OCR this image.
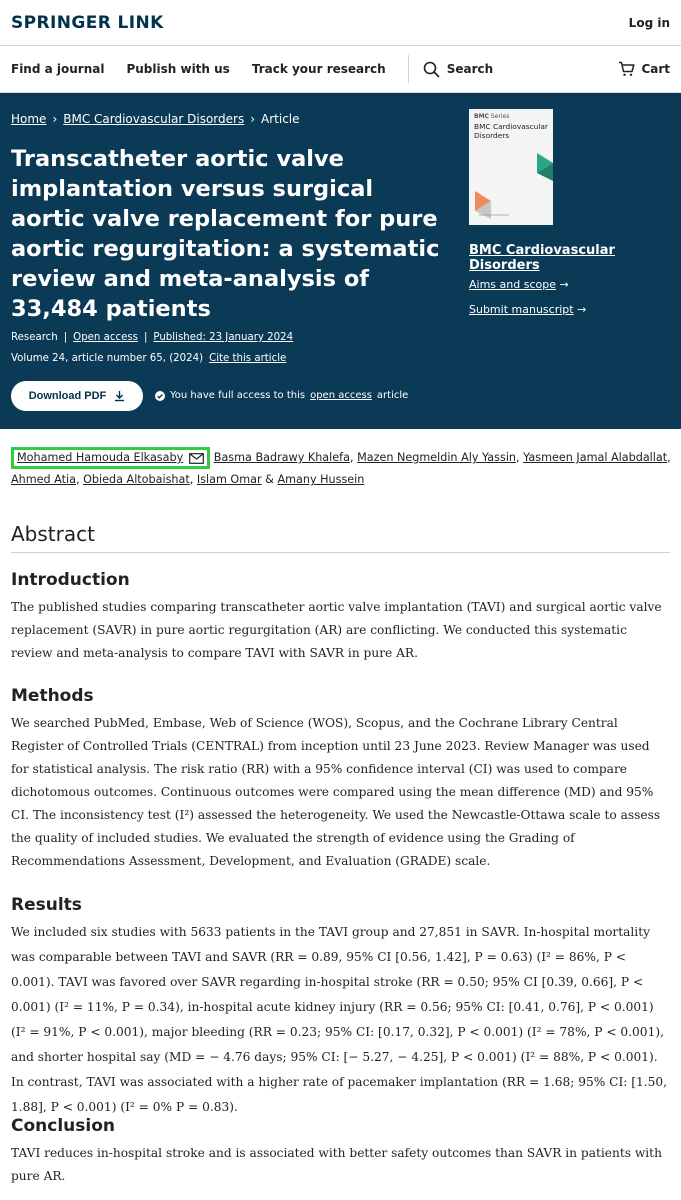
SPRINGER LINK	Log in
Find a journal Publish with us Track your research	Search	Cart
Home › BMC Cardiovascular Disorders › Article
Transcatheter aortic valve implantation versus surgical aortic valve replacement for pure aortic regurgitation: a systematic review and meta-analysis of 33,484 patients
Research | Open access | Published: 23 January 2024
Volume 24, article number 65, (2024) Cite this article
Download PDF	You have full access to this open access article
BMC Series
BMC Cardiovascular Disorders
BMC Cardiovascular Disorders
Aims and scope →
Submit manuscript →
Mohamed Hamouda Elkasaby	Basma Badrawy Khalefa, Mazen Negmeldin Aly Yassin, Yasmeen Jamal Alabdallat, Ahmed Atia, Obieda Altobaishat, Islam Omar & Amany Hussein
Abstract
Introduction

The published studies comparing transcatheter aortic valve implantation (TAVI) and surgical aortic valve replacement (SAVR) in pure aortic regurgitation (AR) are conflicting. We conducted this systematic review and meta-analysis to compare TAVI with SAVR in pure AR.

Methods

We searched PubMed, Embase, Web of Science (WOS), Scopus, and the Cochrane Library Central Register of Controlled Trials (CENTRAL) from inception until 23 June 2023. Review Manager was used for statistical analysis. The risk ratio (RR) with a 95% confidence interval (CI) was used to compare dichotomous outcomes. Continuous outcomes were compared using the mean difference (MD) and 95% CI. The inconsistency test (I²) assessed the heterogeneity. We used the Newcastle-Ottawa scale to assess the quality of included studies. We evaluated the strength of evidence using the Grading of Recommendations Assessment, Development, and Evaluation (GRADE) scale.

Results

We included six studies with 5633 patients in the TAVI group and 27,851 in SAVR. In-hospital mortality was comparable between TAVI and SAVR (RR = 0.89, 95% CI [0.56, 1.42], P = 0.63) (I² = 86%, P < 0.001). TAVI was favored over SAVR regarding in-hospital stroke (RR = 0.50; 95% CI [0.39, 0.66], P < 0.001) (I² = 11%, P = 0.34), in-hospital acute kidney injury (RR = 0.56; 95% CI: [0.41, 0.76], P < 0.001) (I² = 91%, P < 0.001), major bleeding (RR = 0.23; 95% CI: [0.17, 0.32], P < 0.001) (I² = 78%, P < 0.001), and shorter hospital say (MD = − 4.76 days; 95% CI: [− 5.27, − 4.25], P < 0.001) (I² = 88%, P < 0.001). In contrast, TAVI was associated with a higher rate of pacemaker implantation (RR = 1.68; 95% CI: [1.50, 1.88], P < 0.001) (I² = 0% P = 0.83).

Conclusion

TAVI reduces in-hospital stroke and is associated with better safety outcomes than SAVR in patients with pure AR.
